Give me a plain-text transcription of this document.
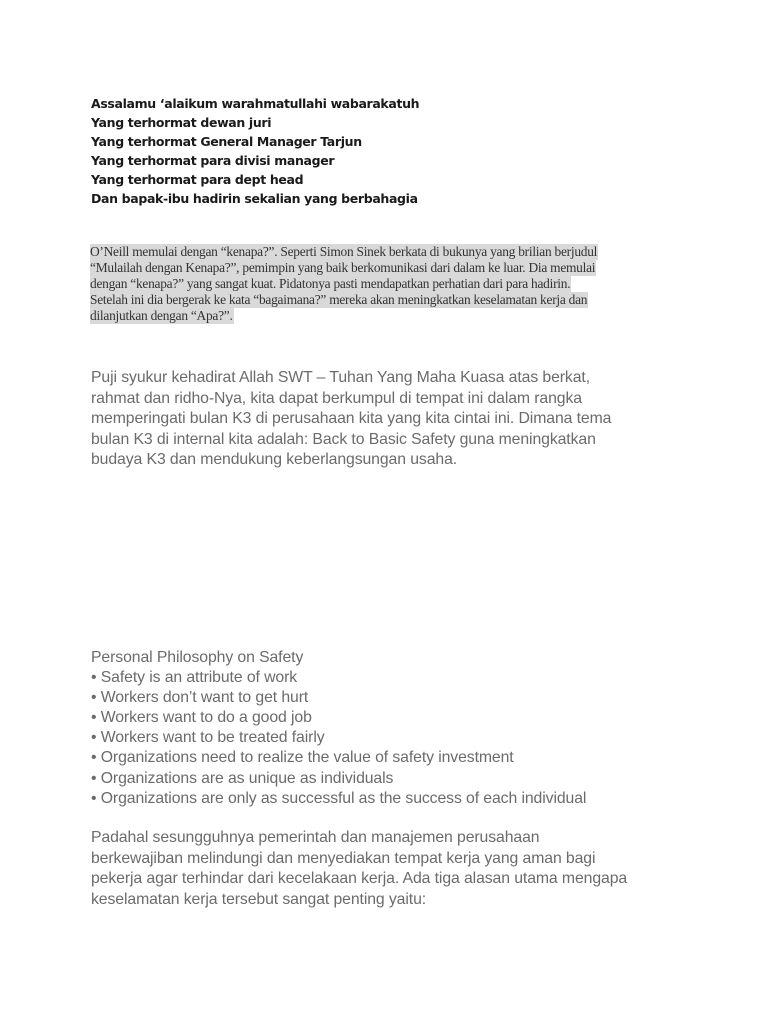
Assalamu ‘alaikum warahmatullahi wabarakatuh
Yang terhormat dewan juri
Yang terhormat General Manager Tarjun
Yang terhormat para divisi manager
Yang terhormat para dept head
Dan bapak-ibu hadirin sekalian yang berbahagia
O’Neill memulai dengan “kenapa?”. Seperti Simon Sinek berkata di bukunya yang brilian berjudul
“Mulailah dengan Kenapa?”, pemimpin yang baik berkomunikasi dari dalam ke luar. Dia memulai
dengan “kenapa?” yang sangat kuat. Pidatonya pasti mendapatkan perhatian dari para hadirin.
Setelah ini dia bergerak ke kata “bagaimana?” mereka akan meningkatkan keselamatan kerja dan
dilanjutkan dengan “Apa?”.
Puji syukur kehadirat Allah SWT – Tuhan Yang Maha Kuasa atas berkat,
rahmat dan ridho-Nya, kita dapat berkumpul di tempat ini dalam rangka
memperingati bulan K3 di perusahaan kita yang kita cintai ini. Dimana tema
bulan K3 di internal kita adalah: Back to Basic Safety guna meningkatkan
budaya K3 dan mendukung keberlangsungan usaha.
Personal Philosophy on Safety
• Safety is an attribute of work
• Workers don’t want to get hurt
• Workers want to do a good job
• Workers want to be treated fairly
• Organizations need to realize the value of safety investment
• Organizations are as unique as individuals
• Organizations are only as successful as the success of each individual
Padahal sesungguhnya pemerintah dan manajemen perusahaan
berkewajiban melindungi dan menyediakan tempat kerja yang aman bagi
pekerja agar terhindar dari kecelakaan kerja. Ada tiga alasan utama mengapa
keselamatan kerja tersebut sangat penting yaitu:
